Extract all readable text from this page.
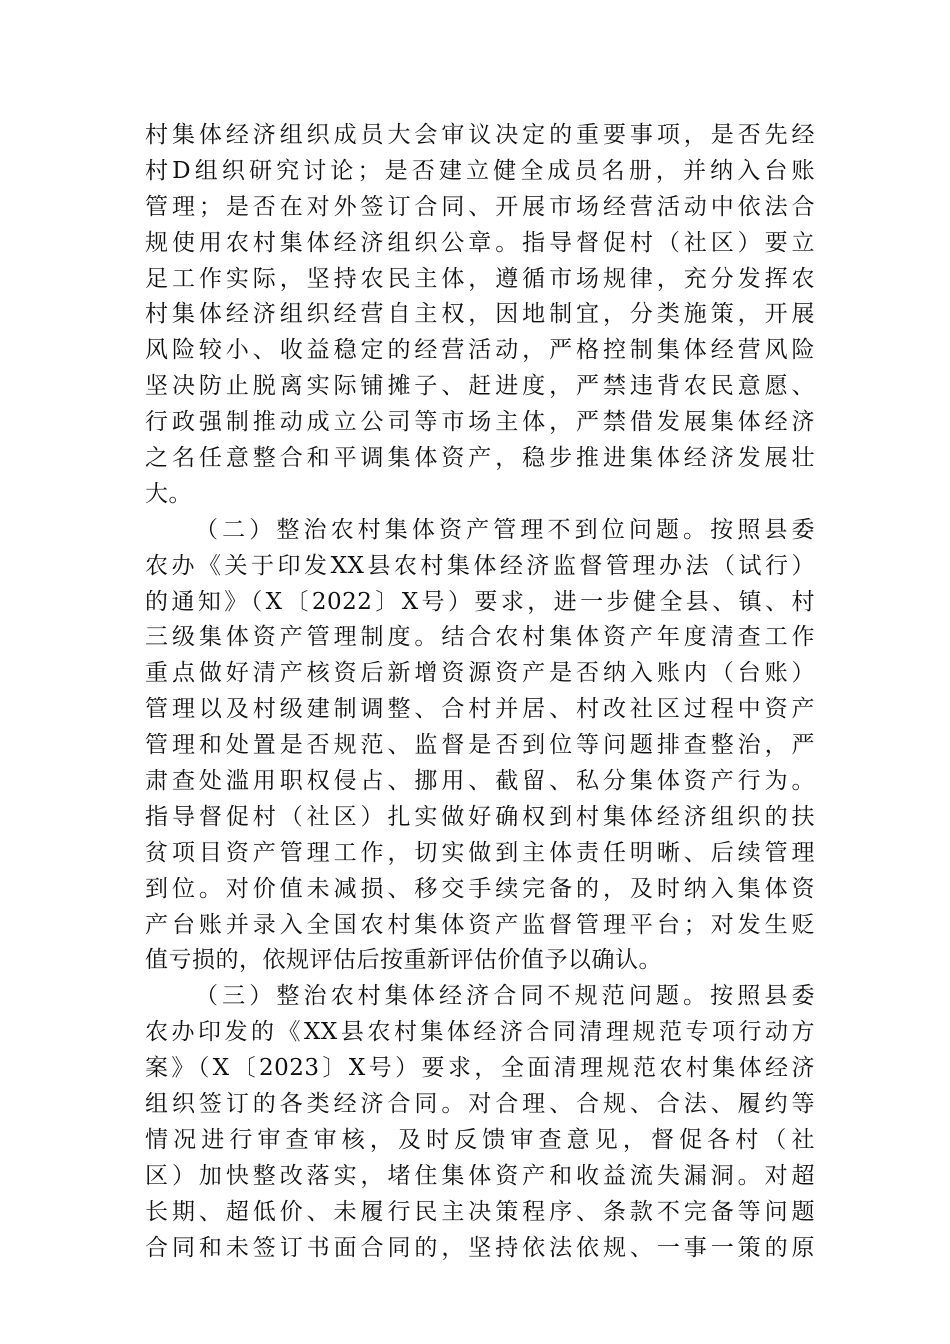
村集体经济组织成员大会审议决定的重要事项，是否先经
村D组织研究讨论；是否建立健全成员名册，并纳入台账
管理；是否在对外签订合同、开展市场经营活动中依法合
规使用农村集体经济组织公章。指导督促村（社区）要立
足工作实际，坚持农民主体，遵循市场规律，充分发挥农
村集体经济组织经营自主权，因地制宜，分类施策，开展
风险较小、收益稳定的经营活动，严格控制集体经营风险
坚决防止脱离实际铺摊子、赶进度，严禁违背农民意愿、
行政强制推动成立公司等市场主体，严禁借发展集体经济
之名任意整合和平调集体资产，稳步推进集体经济发展壮
大。
（二）整治农村集体资产管理不到位问题。按照县委
农办《关于印发XX县农村集体经济监督管理办法（试行）
的通知》（X〔2022〕X号）要求，进一步健全县、镇、村
三级集体资产管理制度。结合农村集体资产年度清查工作
重点做好清产核资后新增资源资产是否纳入账内（台账）
管理以及村级建制调整、合村并居、村改社区过程中资产
管理和处置是否规范、监督是否到位等问题排查整治，严
肃查处滥用职权侵占、挪用、截留、私分集体资产行为。
指导督促村（社区）扎实做好确权到村集体经济组织的扶
贫项目资产管理工作，切实做到主体责任明晰、后续管理
到位。对价值未减损、移交手续完备的，及时纳入集体资
产台账并录入全国农村集体资产监督管理平台；对发生贬
值亏损的，依规评估后按重新评估价值予以确认。
（三）整治农村集体经济合同不规范问题。按照县委
农办印发的《XX县农村集体经济合同清理规范专项行动方
案》（X〔2023〕X号）要求，全面清理规范农村集体经济
组织签订的各类经济合同。对合理、合规、合法、履约等
情况进行审查审核，及时反馈审查意见，督促各村（社
区）加快整改落实，堵住集体资产和收益流失漏洞。对超
长期、超低价、未履行民主决策程序、条款不完备等问题
合同和未签订书面合同的，坚持依法依规、一事一策的原
